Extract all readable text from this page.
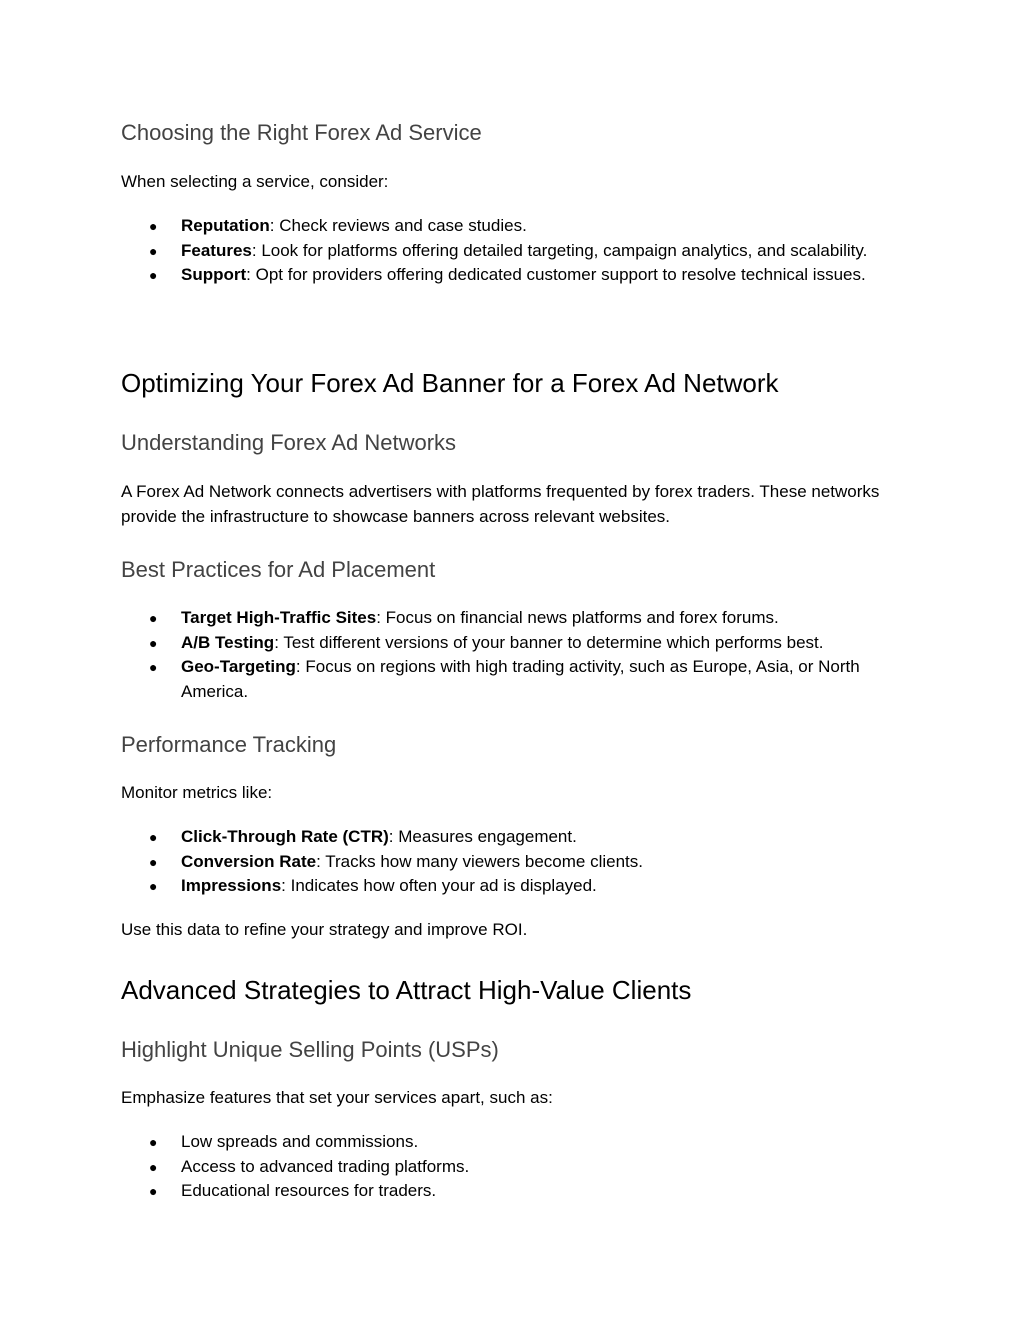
Choosing the Right Forex Ad Service

When selecting a service, consider:

● Reputation: Check reviews and case studies.
● Features: Look for platforms offering detailed targeting, campaign analytics, and scalability.
● Support: Opt for providers offering dedicated customer support to resolve technical issues.
Optimizing Your Forex Ad Banner for a Forex Ad Network
Understanding Forex Ad Networks

A Forex Ad Network connects advertisers with platforms frequented by forex traders. These networks provide the infrastructure to showcase banners across relevant websites.

Best Practices for Ad Placement
● Target High-Traffic Sites: Focus on financial news platforms and forex forums.
● A/B Testing: Test different versions of your banner to determine which performs best.
● Geo-Targeting: Focus on regions with high trading activity, such as Europe, Asia, or North America.
Performance Tracking

Monitor metrics like:

● Click-Through Rate (CTR): Measures engagement.
● Conversion Rate: Tracks how many viewers become clients.
● Impressions: Indicates how often your ad is displayed.

Use this data to refine your strategy and improve ROI.

Advanced Strategies to Attract High-Value Clients
Highlight Unique Selling Points (USPs)

Emphasize features that set your services apart, such as:

● Low spreads and commissions.
● Access to advanced trading platforms.
● Educational resources for traders.
